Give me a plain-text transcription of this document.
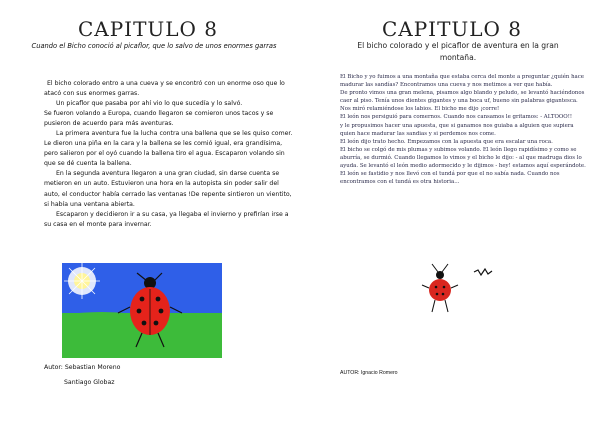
CAPITULO 8
Cuando el Bicho conoció al picaflor, que lo salvo de unos enormes garras

El bicho colorado entro a una cueva y se encontró con un enorme oso que lo atacó con sus enormes garras.

Un picaflor que pasaba por ahí vio lo que sucedía y lo salvó.

Se fueron volando a Europa, cuando llegaron se comieron unos tacos y se pusieron de acuerdo para más aventuras.

La primera aventura fue la lucha contra una ballena que se les quiso comer. Le dieron una piña en la cara y la ballena se les comió igual, era grandísima, pero salieron por el oyó cuando la ballena tiro el agua. Escaparon volando sin que se dé cuenta la ballena.

En la segunda aventura llegaron a una gran ciudad, sin darse cuenta se metieron en un auto. Estuvieron una hora en la autopista sin poder salir del auto, el conductor había cerrado las ventanas !De repente sintieron un vientito, si había una ventana abierta.

Escaparon y decidieron ir a su casa, ya llegaba el invierno y prefirían irse a su casa en el monte para invernar.

Autor: Sebastian Moreno
Santiago Globaz
CAPITULO 8
El bicho colorado y el picaflor de aventura en la gran montaña.

El Bicho y yo fuimos a una montaña que estaba cerca del monte a preguntar ¿quién hace madurar las sandías? Encontramos una cueva y nos metimos a ver que había.

De pronto vimos una gran melena, pisamos algo blando y peludo, se levantó haciéndonos caer al piso. Tenía unos dientes gigantes y una boca uf, bueno sin palabras gigantesca. Nos miró relamiéndose los labios. El bicho me dijo ¡corre!

El león nos persiguió para comernos. Cuando nos cansamos le gritamos: - ALTOOO!!

y le propusimos hacer una apuesta, que si ganamos nos guiaba a alguien que supiera quien hace madurar las sandias y si perdemos nos come.

El león dijo trato hecho. Empezamos con la apuesta que era escalar una roca.

El bicho se colgó de mis plumas y subimos volando. El león llego rapidísimo y como se aburría, se durmió. Cuando llegamos lo vimos y el bicho le dijo: - al que madruga dios lo ayuda. Se levantó el león medio adormecido y le dijimos - hey! estamos aquí esperándote. El león se fastidio y nos llevó con el tundá por que el no sabía nada. Cuando nos encontramos con el tundá es otra historia...

AUTOR: Ignacio Romero
